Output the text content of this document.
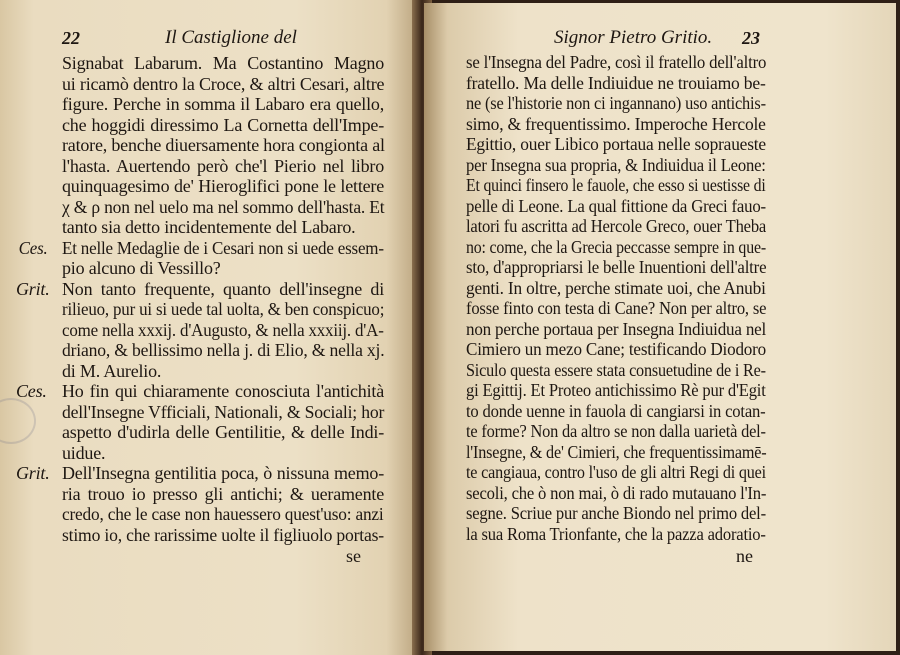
22	Il Castiglione del
Signabat Labarum. Ma Costantino Magno
ui ricamò dentro la Croce, & altri Cesari, altre
figure. Perche in somma il Labaro era quello,
che hoggidi diressimo La Cornetta dell'Impe-
ratore, benche diuersamente hora congionta al
l'hasta. Auertendo però che'l Pierio nel libro
quinquagesimo de' Hieroglifici pone le lettere
χ & ρ non nel uelo ma nel sommo dell'hasta. Et
tanto sia detto incidentemente del Labaro.
Ces. Et nelle Medaglie de i Cesari non si uede essem-
pio alcuno di Vessillo?
Grit. Non tanto frequente, quanto dell'insegne di
rilieuo, pur ui si uede tal uolta, & ben conspicuo;
come nella xxxij. d'Augusto, & nella xxxiij. d'A-
driano, & bellissimo nella j. di Elio, & nella xj.
di M. Aurelio.
Ces. Ho fin qui chiaramente conosciuta l'antichità
dell'Insegne Vfficiali, Nationali, & Sociali; hor
aspetto d'udirla delle Gentilitie, & delle Indi-
uidue.
Grit. Dell'Insegna gentilitia poca, ò nissuna memo-
ria trouo io presso gli antichi; & ueramente
credo, che le case non hauessero quest'uso: anzi
stimo io, che rarissime uolte il figliuolo portas-
se
Signor Pietro Gritio. 23
se l'Insegna del Padre, così il fratello dell'altro
fratello. Ma delle Indiuidue ne trouiamo be-
ne (se l'historie non ci ingannano) uso antichis-
simo, & frequentissimo. Imperoche Hercole
Egittio, ouer Libico portaua nelle sopraueste
per Insegna sua propria, & Indiuidua il Leone:
Et quinci finsero le fauole, che esso si uestisse di
pelle di Leone. La qual fittione da Greci fauo-
latori fu ascritta ad Hercole Greco, ouer Theba
no: come, che la Grecia peccasse sempre in que-
sto, d'appropriarsi le belle Inuentioni dell'altre
genti. In oltre, perche stimate uoi, che Anubi
fosse finto con testa di Cane? Non per altro, se
non perche portaua per Insegna Indiuidua nel
Cimiero un mezo Cane; testificando Diodoro
Siculo questa essere stata consuetudine de i Re-
gi Egittij. Et Proteo antichissimo Rè pur d'Egit
to donde uenne in fauola di cangiarsi in cotan-
te forme? Non da altro se non dalla uarietà del-
l'Insegne, & de' Cimieri, che frequentissimamē-
te cangiaua, contro l'uso de gli altri Regi di quei
secoli, che ò non mai, ò di rado mutauano l'In-
segne. Scriue pur anche Biondo nel primo del-
la sua Roma Trionfante, che la pazza adoratio-
ne
